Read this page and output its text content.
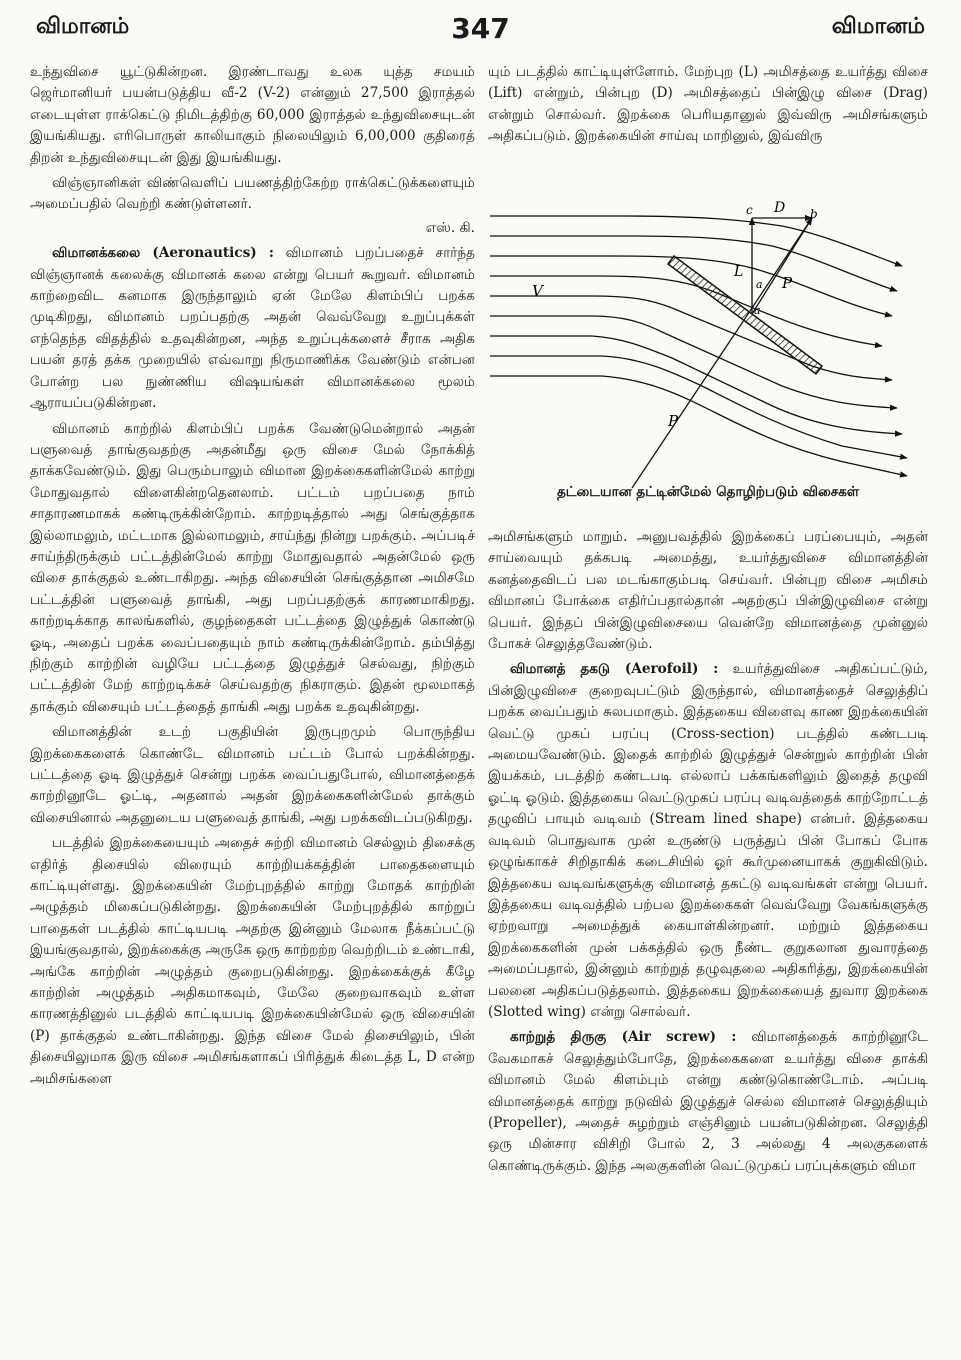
விமானம்	347	விமானம்

உந்துவிசை யூட்டுகின்றன. இரண்டாவது உலக யுத்த சமயம் ஜெர்மானியர் பயன்படுத்திய வீ-2 (V-2) என்னும் 27,500 இராத்தல் எடையுள்ள ராக்கெட்டு நிமிடத்திற்கு 60,000 இராத்தல் உந்துவிசையுடன் இயங்கியது. எரிபொருள் காலியாகும் நிலையிலும் 6,00,000 குதிரைத் திறன் உந்துவிசையுடன் இது இயங்கியது.

விஞ்ஞானிகள் விண்வெளிப் பயணத்திற்கேற்ற ராக்கெட்டுக்களையும் அமைப்பதில் வெற்றி கண்டுள்ளனர்.

எஸ். கி.

விமானக்கலை (Aeronautics) : விமானம் பறப்பதைச் சார்ந்த விஞ்ஞானக் கலைக்கு விமானக் கலை என்று பெயர் கூறுவர். விமானம் காற்றைவிட கனமாக இருந்தாலும் ஏன் மேலே கிளம்பிப் பறக்க முடிகிறது, விமானம் பறப்பதற்கு அதன் வெவ்வேறு உறுப்புக்கள் எந்தெந்த விதத்தில் உதவுகின்றன, அந்த உறுப்புக்களைச் சீராக அதிக பயன் தரத் தக்க முறையில் எவ்வாறு நிருமாணிக்க வேண்டும் என்பன போன்ற பல நுண்ணிய விஷயங்கள் விமானக்கலை மூலம் ஆராயப்படுகின்றன.

விமானம் காற்றில் கிளம்பிப் பறக்க வேண்டுமென்றால் அதன் பளுவைத் தாங்குவதற்கு அதன்மீது ஒரு விசை மேல் நோக்கித் தாக்கவேண்டும். இது பெரும்பாலும் விமான இறக்கைகளின்மேல் காற்று மோதுவதால் விளைகின்றதெனலாம். பட்டம் பறப்பதை நாம் சாதாரணமாகக் கண்டிருக்கின்றோம். காற்றடித்தால் அது செங்குத்தாக இல்லாமலும், மட்டமாக இல்லாமலும், சாய்ந்து நின்று பறக்கும். அப்படிச் சாய்ந்திருக்கும் பட்டத்தின்மேல் காற்று மோதுவதால் அதன்மேல் ஒரு விசை தாக்குதல் உண்டாகிறது. அந்த விசையின் செங்குத்தான அமிசமே பட்டத்தின் பளுவைத் தாங்கி, அது பறப்பதற்குக் காரணமாகிறது. காற்றடிக்காத காலங்களில், குழந்தைகள் பட்டத்தை இழுத்துக் கொண்டு ஓடி, அதைப் பறக்க வைப்பதையும் நாம் கண்டிருக்கின்றோம். தம்பித்து நிற்கும் காற்றின் வழியே பட்டத்தை இழுத்துச் செல்வது, நிற்கும் பட்டத்தின் மேற் காற்றடிக்கச் செய்வதற்கு நிகராகும். இதன் மூலமாகத் தாக்கும் விசையும் பட்டத்தைத் தாங்கி அது பறக்க உதவுகின்றது.

விமானத்தின் உடற் பகுதியின் இருபுறமும் பொருந்திய இறக்கைகளைக் கொண்டே விமானம் பட்டம் போல் பறக்கின்றது. பட்டத்தை ஓடி இழுத்துச் சென்று பறக்க வைப்பதுபோல், விமானத்தைக் காற்றினூடே ஓட்டி, அதனால் அதன் இறக்கைகளின்மேல் தாக்கும் விசையினால் அதனுடைய பளுவைத் தாங்கி, அது பறக்கவிடப்படுகிறது.

படத்தில் இறக்கையையும் அதைச் சுற்றி விமானம் செல்லும் திசைக்கு எதிர்த் திசையில் விரையும் காற்றியக்கத்தின் பாதைகளையும் காட்டியுள்ளது. இறக்கையின் மேற்புறத்தில் காற்று மோதக் காற்றின் அழுத்தம் மிகைப்படுகின்றது. இறக்கையின் மேற்புறத்தில் காற்றுப் பாதைகள் படத்தில் காட்டியபடி அதற்கு இன்னும் மேலாக நீக்கப்பட்டு இயங்குவதால், இறக்கைக்கு அருகே ஒரு காற்றற்ற வெற்றிடம் உண்டாகி, அங்கே காற்றின் அழுத்தம் குறைபடுகின்றது. இறக்கைக்குக் கீழே காற்றின் அழுத்தம் அதிகமாகவும், மேலே குறைவாகவும் உள்ள காரணத்தினுல் படத்தில் காட்டியபடி இறக்கையின்மேல் ஒரு விசையின் (P) தாக்குதல் உண்டாகின்றது. இந்த விசை மேல் திசையிலும், பின் திசையிலுமாக இரு விசை அமிசங்களாகப் பிரித்துக் கிடைத்த L, D என்ற அமிசங்களை

யும் படத்தில் காட்டியுள்ளோம். மேற்புற (L) அமிசத்தை உயர்த்து விசை (Lift) என்றும், பின்புற (D) அமிசத்தைப் பின்இழு விசை (Drag) என்றும் சொல்வர். இறக்கை பெரியதானுல் இவ்விரு அமிசங்களும் அதிகப்படும். இறக்கையின் சாய்வு மாறினுல், இவ்விரு

V	P
P
L
D
c	b
a
a
தட்டையான தட்டின்மேல் தொழிற்படும் விசைகள்

அமிசங்களும் மாறும். அனுபவத்தில் இறக்கைப் பரப்பையும், அதன் சாய்வையும் தக்கபடி அமைத்து, உயர்த்துவிசை விமானத்தின் கனத்தைவிடப் பல மடங்காகும்படி செய்வர். பின்புற விசை அமிசம் விமானப் போக்கை எதிர்ப்பதால்தான் அதற்குப் பின்இழுவிசை என்று பெயர். இந்தப் பின்இழுவிசையை வென்றே விமானத்தை முன்னுல் போகச் செலுத்தவேண்டும்.

விமானத் தகடு (Aerofoil) : உயர்த்துவிசை அதிகப்பட்டும், பின்இழுவிசை குறைவுபட்டும் இருந்தால், விமானத்தைச் செலுத்திப் பறக்க வைப்பதும் சுலபமாகும். இத்தகைய விளைவு காண இறக்கையின் வெட்டு முகப் பரப்பு (Cross-section) படத்தில் கண்டபடி அமையவேண்டும். இதைக் காற்றில் இழுத்துச் சென்றுல் காற்றின் பின் இயக்கம், படத்திற் கண்டபடி எல்லாப் பக்கங்களிலும் இதைத் தழுவி ஓட்டி ஓடும். இத்தகைய வெட்டுமுகப் பரப்பு வடிவத்தைக் காற்றோட்டத் தழுவிப் பாயும் வடிவம் (Stream lined shape) என்பர். இத்தகைய வடிவம் பொதுவாக முன் உருண்டு பருத்துப் பின் போகப் போக ஒழுங்காகச் சிறிதாகிக் கடைசியில் ஓர் கூர்முனையாகக் குறுகிவிடும். இத்தகைய வடிவங்களுக்கு விமானத் தகட்டு வடிவங்கள் என்று பெயர். இத்தகைய வடிவத்தில் பற்பல இறக்கைகள் வெவ்வேறு வேகங்களுக்கு ஏற்றவாறு அமைத்துக் கையாள்கின்றனர். மற்றும் இத்தகைய இறக்கைகளின் முன் பக்கத்தில் ஒரு நீண்ட குறுகலான துவாரத்தை அமைப்பதால், இன்னும் காற்றுத் தழுவுதலை அதிகரித்து, இறக்கையின் பலனை அதிகப்படுத்தலாம். இத்தகைய இறக்கையைத் துவார இறக்கை (Slotted wing) என்று சொல்வர்.

காற்றுத் திருகு (Air screw) : விமானத்தைக் காற்றினூடே வேகமாகச் செலுத்தும்போதே, இறக்கைகளை உயர்த்து விசை தாக்கி விமானம் மேல் கிளம்பும் என்று கண்டுகொண்டோம். அப்படி விமானத்தைக் காற்று நடுவில் இழுத்துச் செல்ல விமானச் செலுத்தியும் (Propeller), அதைச் சுழற்றும் எஞ்சினும் பயன்படுகின்றன. செலுத்தி ஒரு மின்சார விசிறி போல் 2, 3 அல்லது 4 அலகுகளைக் கொண்டிருக்கும். இந்த அலகுகளின் வெட்டுமுகப் பரப்புக்களும் விமா
